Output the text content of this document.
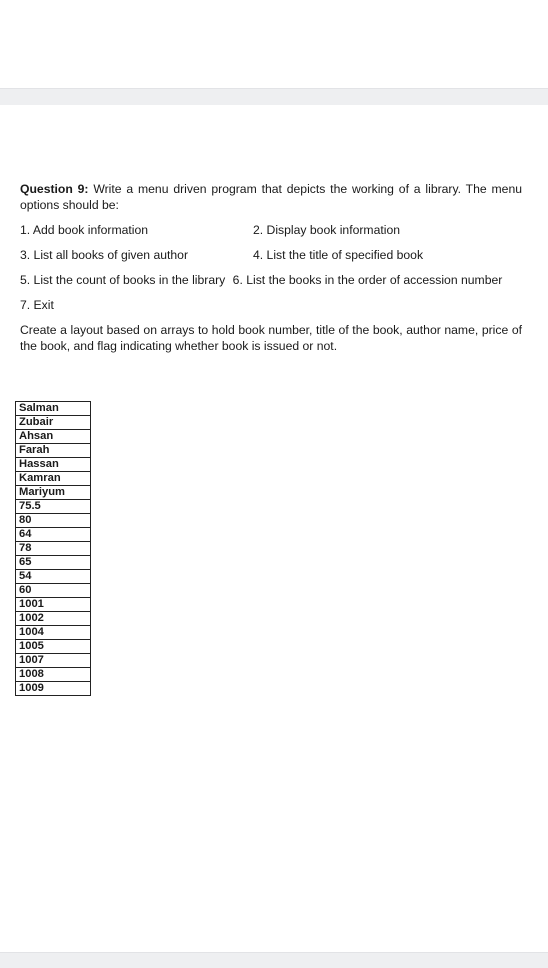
Question 9: Write a menu driven program that depicts the working of a library. The menu options should be:

1. Add book information	2. Display book information
3. List all books of given author	4. List the title of specified book
5. List the count of books in the library 6. List the books in the order of accession number
7. Exit

Create a layout based on arrays to hold book number, title of the book, author name, price of the book, and flag indicating whether book is issued or not.

Salman
Zubair
Ahsan
Farah
Hassan
Kamran
Mariyum
75.5
80
64
78
65
54
60
1001
1002
1004
1005
1007
1008
1009
